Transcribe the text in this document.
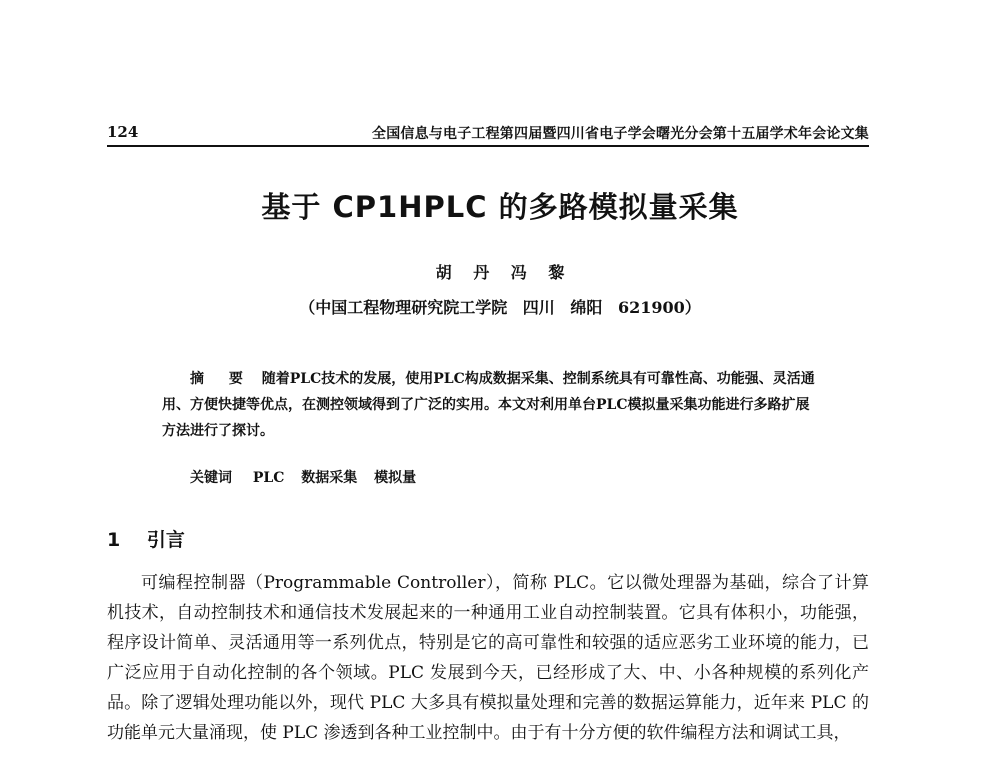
124	全国信息与电子工程第四届暨四川省电子学会曙光分会第十五届学术年会论文集
基于 CP1HPLC 的多路模拟量采集
胡 丹 冯 黎
（中国工程物理研究院工学院 四川 绵阳 621900）
摘 要 随着PLC技术的发展，使用PLC构成数据采集、控制系统具有可靠性高、功能强、灵活通用、方便快捷等优点，在测控领域得到了广泛的实用。本文对利用单台PLC模拟量采集功能进行多路扩展方法进行了探讨。
关键词 PLC 数据采集 模拟量
1 引言
可编程控制器（Programmable Controller），简称 PLC。它以微处理器为基础，综合了计算机技术，自动控制技术和通信技术发展起来的一种通用工业自动控制装置。它具有体积小，功能强，程序设计简单、灵活通用等一系列优点，特别是它的高可靠性和较强的适应恶劣工业环境的能力，已广泛应用于自动化控制的各个领域。PLC 发展到今天，已经形成了大、中、小各种规模的系列化产品。除了逻辑处理功能以外，现代 PLC 大多具有模拟量处理和完善的数据运算能力，近年来 PLC 的功能单元大量涌现，使 PLC 渗透到各种工业控制中。由于有十分方便的软件编程方法和调试工具，
